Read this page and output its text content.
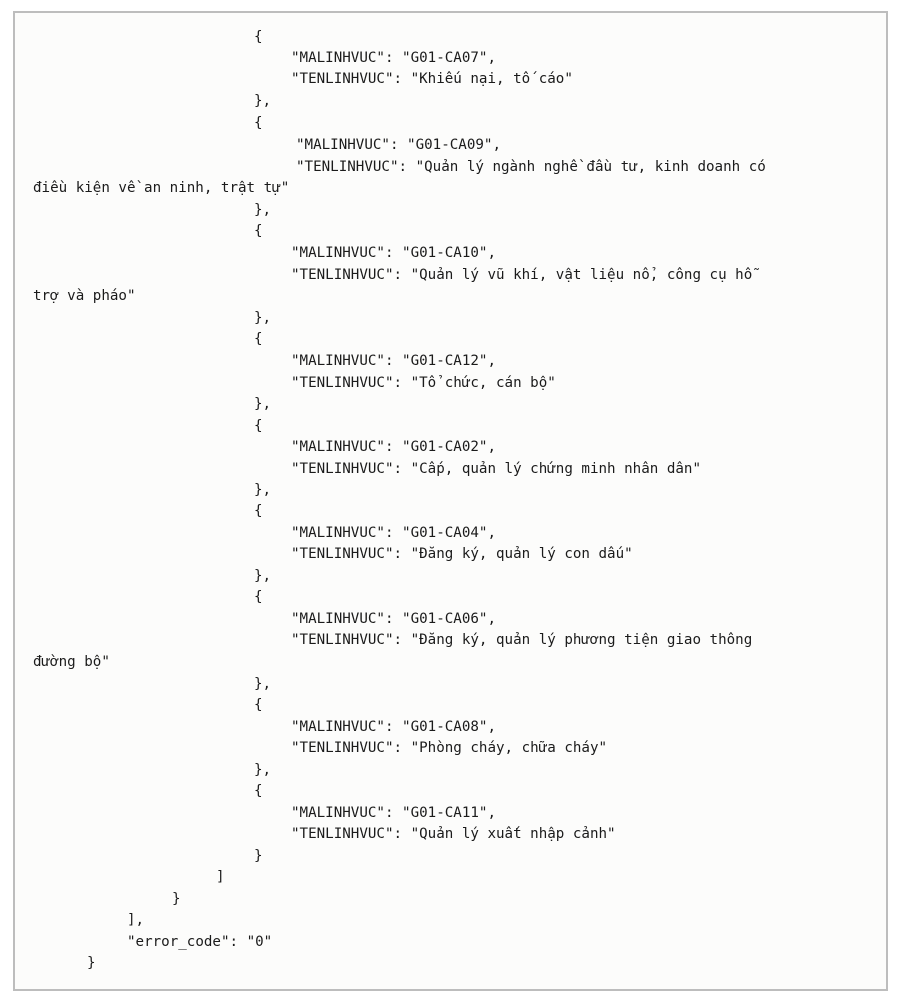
{
"MALINHVUC": "G01-CA07",
"TENLINHVUC": "Khiếu nại, tố cáo"
},
{
"MALINHVUC": "G01-CA09",
"TENLINHVUC": "Quản lý ngành nghề đầu tư, kinh doanh có
điều kiện về an ninh, trật tự"
},
{
"MALINHVUC": "G01-CA10",
"TENLINHVUC": "Quản lý vũ khí, vật liệu nổ, công cụ hỗ
trợ và pháo"
},
{
"MALINHVUC": "G01-CA12",
"TENLINHVUC": "Tổ chức, cán bộ"
},
{
"MALINHVUC": "G01-CA02",
"TENLINHVUC": "Cấp, quản lý chứng minh nhân dân"
},
{
"MALINHVUC": "G01-CA04",
"TENLINHVUC": "Đăng ký, quản lý con dấu"
},
{
"MALINHVUC": "G01-CA06",
"TENLINHVUC": "Đăng ký, quản lý phương tiện giao thông
đường bộ"
},
{
"MALINHVUC": "G01-CA08",
"TENLINHVUC": "Phòng cháy, chữa cháy"
},
{
"MALINHVUC": "G01-CA11",
"TENLINHVUC": "Quản lý xuất nhập cảnh"
}
]
}
],
"error_code": "0"
}
